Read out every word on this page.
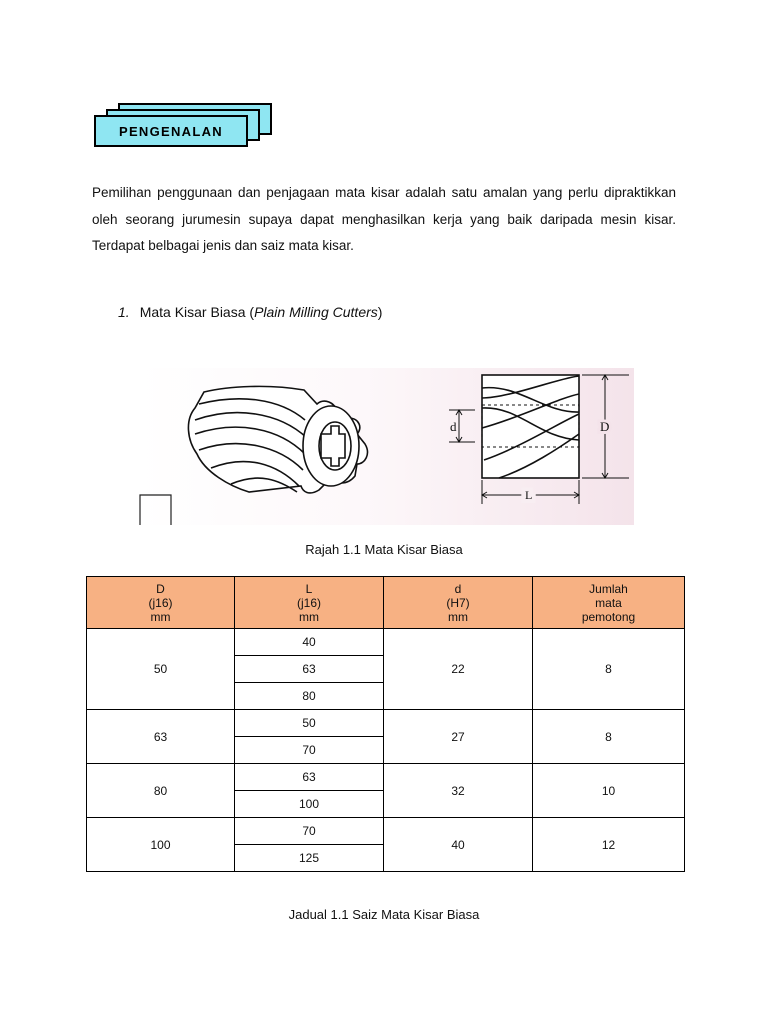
PENGENALAN

Pemilihan penggunaan dan penjagaan mata kisar adalah satu amalan yang perlu dipraktikkan oleh seorang jurumesin supaya dapat menghasilkan kerja yang baik daripada mesin kisar. Terdapat belbagai jenis dan saiz mata kisar.

1. Mata Kisar Biasa (Plain Milling Cutters)
d	D
L
Rajah 1.1 Mata Kisar Biasa
D
(j16)
mm	L
(j16)
mm	d
(H7)
mm	Jumlah
mata
pemotong

50	40	22	8
	63		
	80		
63	50	27	8
	70		
80	63	32	10
	100		
100	70	40	12
	125		
Jadual 1.1 Saiz Mata Kisar Biasa
